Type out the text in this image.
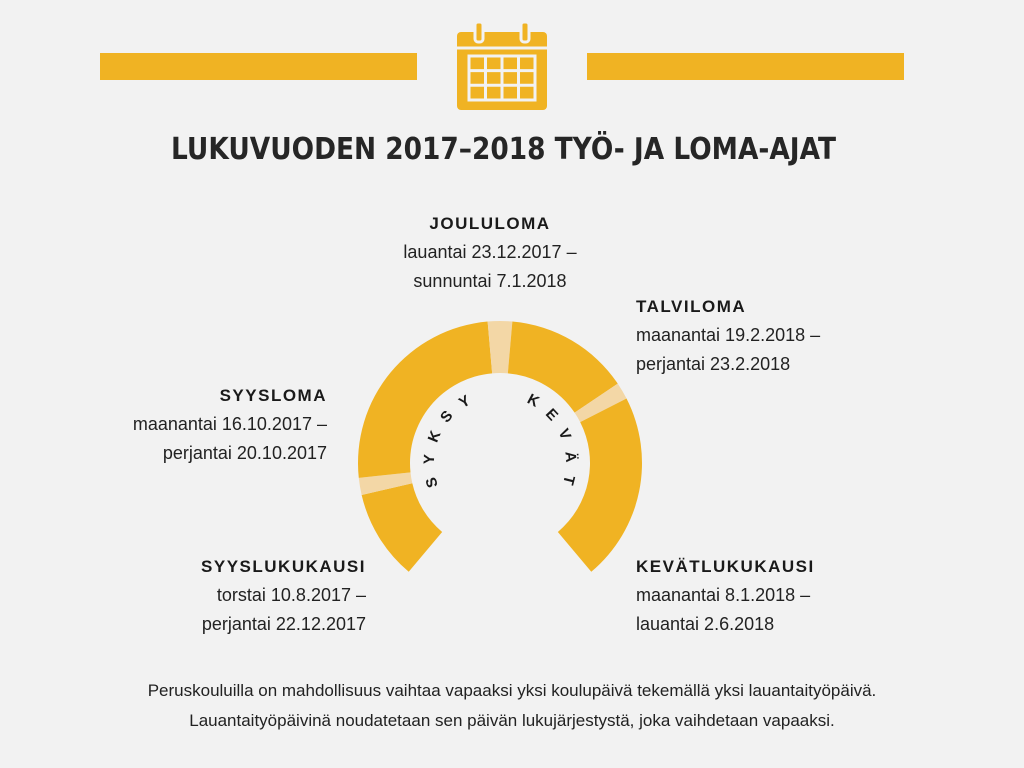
LUKUVUODEN 2017–2018 TYÖ- JA LOMA-AJAT
S
Y
K
S
Y	K
E
V
Ä
T
JOULULOMA
lauantai 23.12.2017 –
sunnuntai 7.1.2018
TALVILOMA
maanantai 19.2.2018 –
perjantai 23.2.2018
SYYSLOMA
maanantai 16.10.2017 –
perjantai 20.10.2017
SYYSLUKUKAUSI
torstai 10.8.2017 –
perjantai 22.12.2017
KEVÄTLUKUKAUSI
maanantai 8.1.2018 –
lauantai 2.6.2018
Peruskouluilla on mahdollisuus vaihtaa vapaaksi yksi koulupäivä tekemällä yksi lauantaityöpäivä.
Lauantaityöpäivinä noudatetaan sen päivän lukujärjestystä, joka vaihdetaan vapaaksi.
